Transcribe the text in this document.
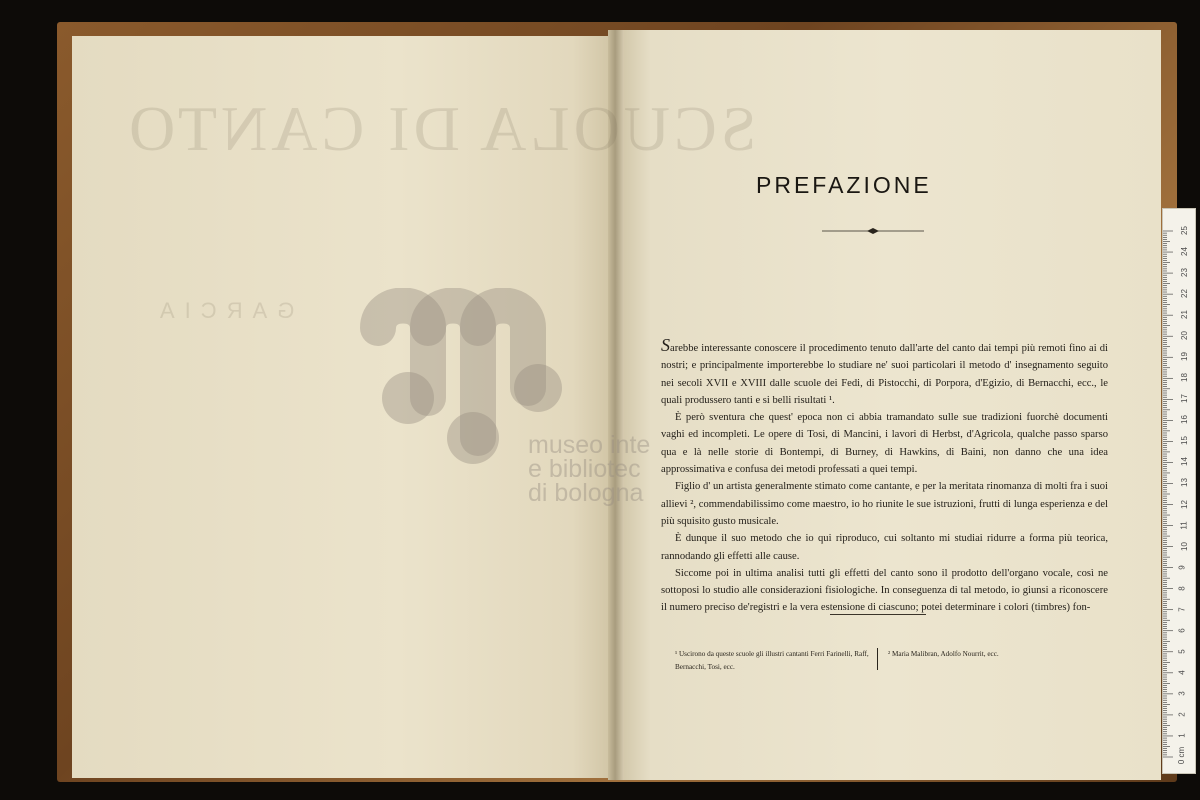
SCUOLA DI CANTO
GARCIA
museo inte
e bibliotec
di bologna
PREFAZIONE

Sarebbe interessante conoscere il procedimento tenuto dall'arte del canto dai tempi più remoti fino ai di nostri; e principalmente importerebbe lo studiare ne' suoi particolari il metodo d' insegnamento seguito nei secoli XVII e XVIII dalle scuole dei Fedi, di Pistocchi, di Porpora, d'Egizio, di Bernacchi, ecc., le quali produssero tanti e si belli risultati ¹.

È però sventura che quest' epoca non ci abbia tramandato sulle sue tradizioni fuorchè documenti vaghi ed incompleti. Le opere di Tosi, di Mancini, i lavori di Herbst, d'Agricola, qualche passo sparso qua e là nelle storie di Bontempi, di Burney, di Hawkins, di Baini, non danno che una idea approssimativa e confusa dei metodi professati a quei tempi.

Figlio d' un artista generalmente stimato come cantante, e per la meritata rinomanza di molti fra i suoi allievi ², commendabilissimo come maestro, io ho riunite le sue istruzioni, frutti di lunga esperienza e del più squisito gusto musicale.

È dunque il suo metodo che io qui riproduco, cui soltanto mi studiai ridurre a forma più teorica, rannodando gli effetti alle cause.

Siccome poi in ultima analisi tutti gli effetti del canto sono il prodotto dell'organo vocale, così ne sottoposi lo studio alle considerazioni fisiologiche. In conseguenza di tal metodo, io giunsi a riconoscere il numero preciso de'registri e la vera estensione di ciascuno; potei determinare i colori (timbres) fon-

¹ Uscirono da queste scuole gli illustri cantanti Ferri Farinelli, Raff, Bernacchi, Tosi, ecc.
² Maria Malibran, Adolfo Nourrit, ecc.
0 cm
1
2
3
4
5
6
7
8
9
10
11
12
13
14
15
16
17
18
19
20
21
22
23
24
25
